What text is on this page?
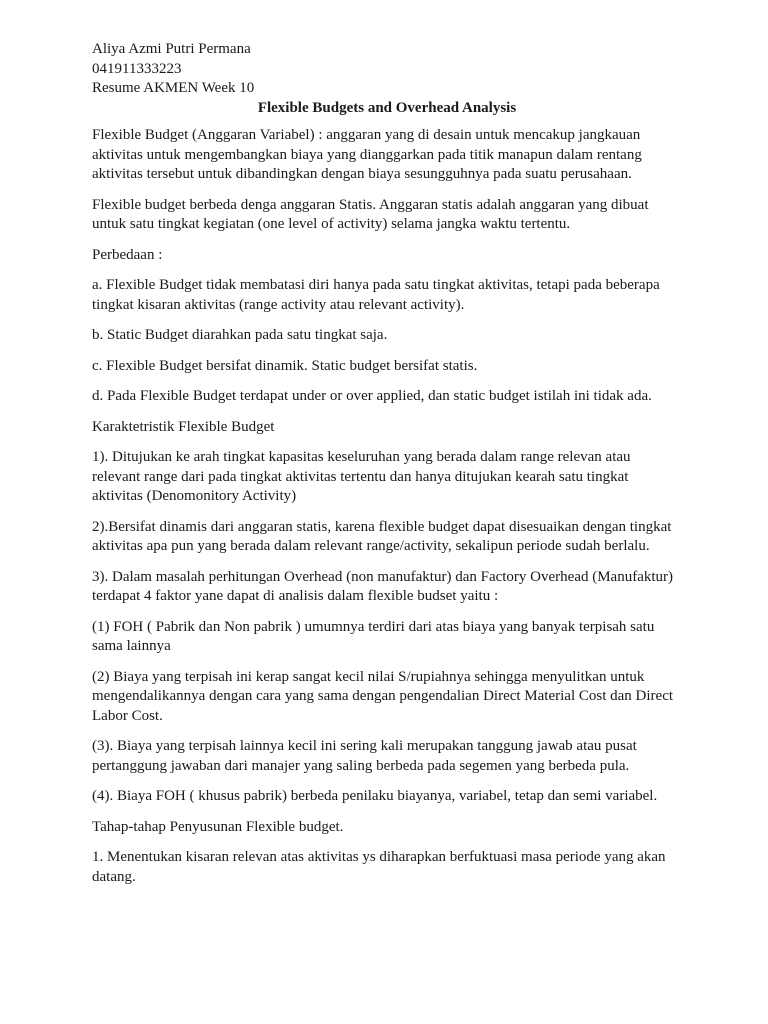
Aliya Azmi Putri Permana

041911333223

Resume AKMEN Week 10

Flexible Budgets and Overhead Analysis

Flexible Budget (Anggaran Variabel) : anggaran yang di desain untuk mencakup jangkauan aktivitas untuk mengembangkan biaya yang dianggarkan pada titik manapun dalam rentang aktivitas tersebut untuk dibandingkan dengan biaya sesungguhnya pada suatu perusahaan.

Flexible budget berbeda denga anggaran Statis. Anggaran statis adalah anggaran yang dibuat untuk satu tingkat kegiatan (one level of activity) selama jangka waktu tertentu.

Perbedaan :

a. Flexible Budget tidak membatasi diri hanya pada satu tingkat aktivitas, tetapi pada beberapa tingkat kisaran aktivitas (range activity atau relevant activity).

b. Static Budget diarahkan pada satu tingkat saja.

c. Flexible Budget bersifat dinamik. Static budget bersifat statis.

d. Pada Flexible Budget terdapat under or over applied, dan static budget istilah ini tidak ada.

Karaktetristik Flexible Budget

1). Ditujukan ke arah tingkat kapasitas keseluruhan yang berada dalam range relevan atau relevant range dari pada tingkat aktivitas tertentu dan hanya ditujukan kearah satu tingkat aktivitas (Denomonitory Activity)

2).Bersifat dinamis dari anggaran statis, karena flexible budget dapat disesuaikan dengan tingkat aktivitas apa pun yang berada dalam relevant range/activity, sekalipun periode sudah berlalu.

3). Dalam masalah perhitungan Overhead (non manufaktur) dan Factory Overhead (Manufaktur) terdapat 4 faktor yane dapat di analisis dalam flexible budset yaitu :

(1) FOH ( Pabrik dan Non pabrik ) umumnya terdiri dari atas biaya yang banyak terpisah satu sama lainnya

(2) Biaya yang terpisah ini kerap sangat kecil nilai S/rupiahnya sehingga menyulitkan untuk mengendalikannya dengan cara yang sama dengan pengendalian Direct Material Cost dan Direct Labor Cost.

(3). Biaya yang terpisah lainnya kecil ini sering kali merupakan tanggung jawab atau pusat pertanggung jawaban dari manajer yang saling berbeda pada segemen yang berbeda pula.

(4). Biaya FOH ( khusus pabrik) berbeda penilaku biayanya, variabel, tetap dan semi variabel.

Tahap-tahap Penyusunan Flexible budget.

1. Menentukan kisaran relevan atas aktivitas ys diharapkan berfuktuasi masa periode yang akan datang.
